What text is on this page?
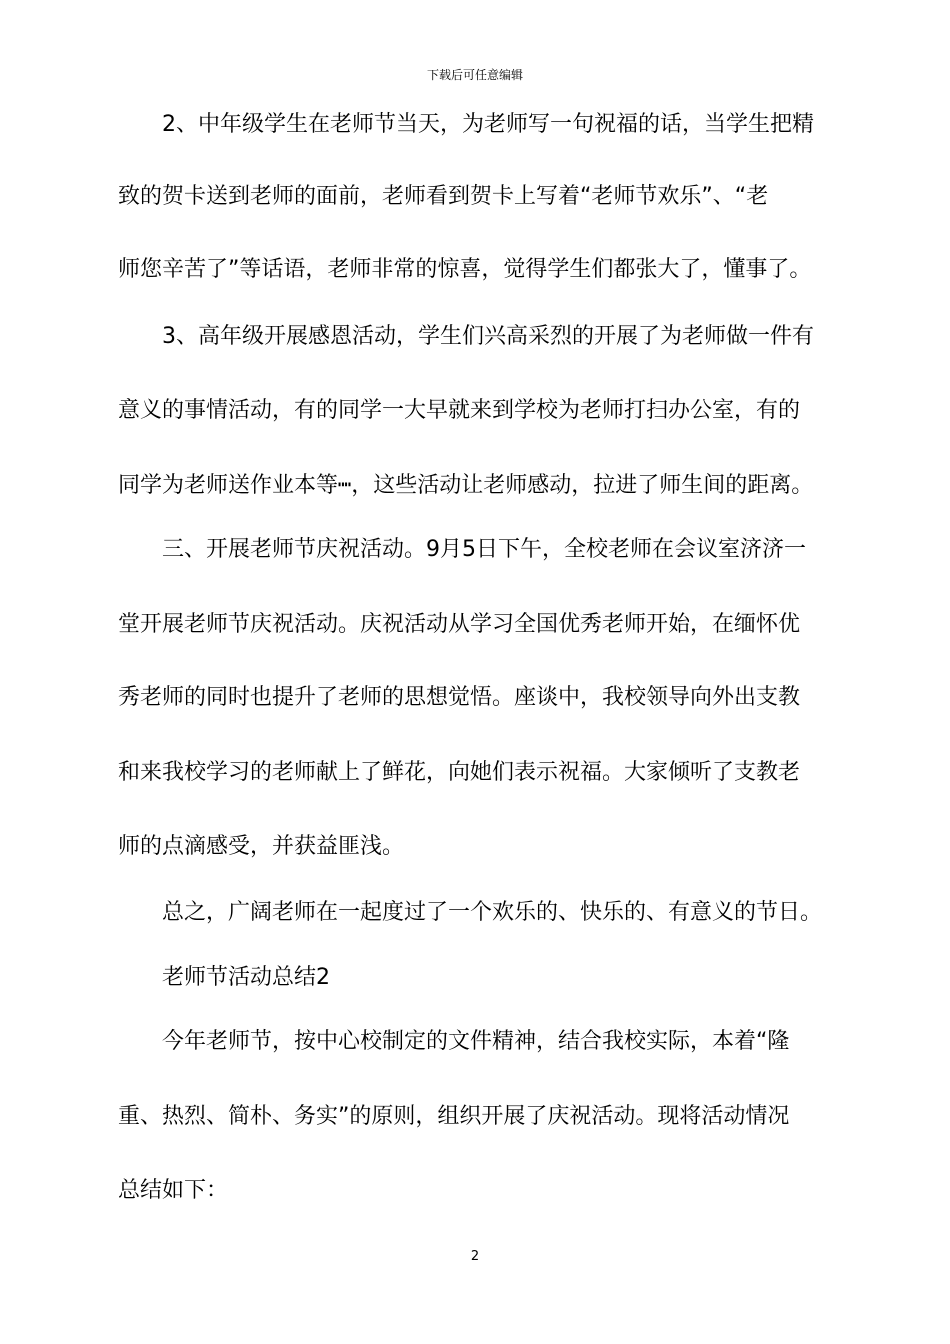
下载后可任意编辑
2、中年级学生在老师节当天，为老师写一句祝福的话，当学生把精
致的贺卡送到老师的面前，老师看到贺卡上写着“老师节欢乐”、“老
师您辛苦了”等话语，老师非常的惊喜，觉得学生们都张大了，懂事了。
3、高年级开展感恩活动，学生们兴高采烈的开展了为老师做一件有
意义的事情活动，有的同学一大早就来到学校为老师打扫办公室，有的
同学为老师送作业本等┉，这些活动让老师感动，拉进了师生间的距离。
三、开展老师节庆祝活动。9月5日下午，全校老师在会议室济济一
堂开展老师节庆祝活动。庆祝活动从学习全国优秀老师开始，在缅怀优
秀老师的同时也提升了老师的思想觉悟。座谈中，我校领导向外出支教
和来我校学习的老师献上了鲜花，向她们表示祝福。大家倾听了支教老
师的点滴感受，并获益匪浅。
总之，广阔老师在一起度过了一个欢乐的、快乐的、有意义的节日。
老师节活动总结2
今年老师节，按中心校制定的文件精神，结合我校实际，本着“隆
重、热烈、简朴、务实”的原则，组织开展了庆祝活动。现将活动情况
总结如下：
2
